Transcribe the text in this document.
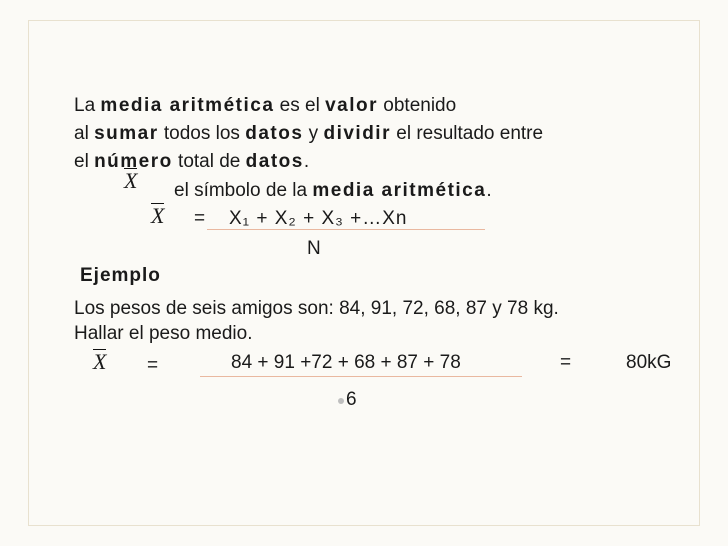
La media aritmética es el valor obtenido
al sumar todos los datos y dividir el resultado entre
el número total de datos.
X el símbolo de la media aritmética.
X = X₁ + X₂ + X₃ +…Xn
N
Ejemplo
Los pesos de seis amigos son: 84, 91, 72, 68, 87 y 78 kg.
Hallar el peso medio.
X =	84 + 91 +72 + 68 + 87 + 78	=	80kG
6
